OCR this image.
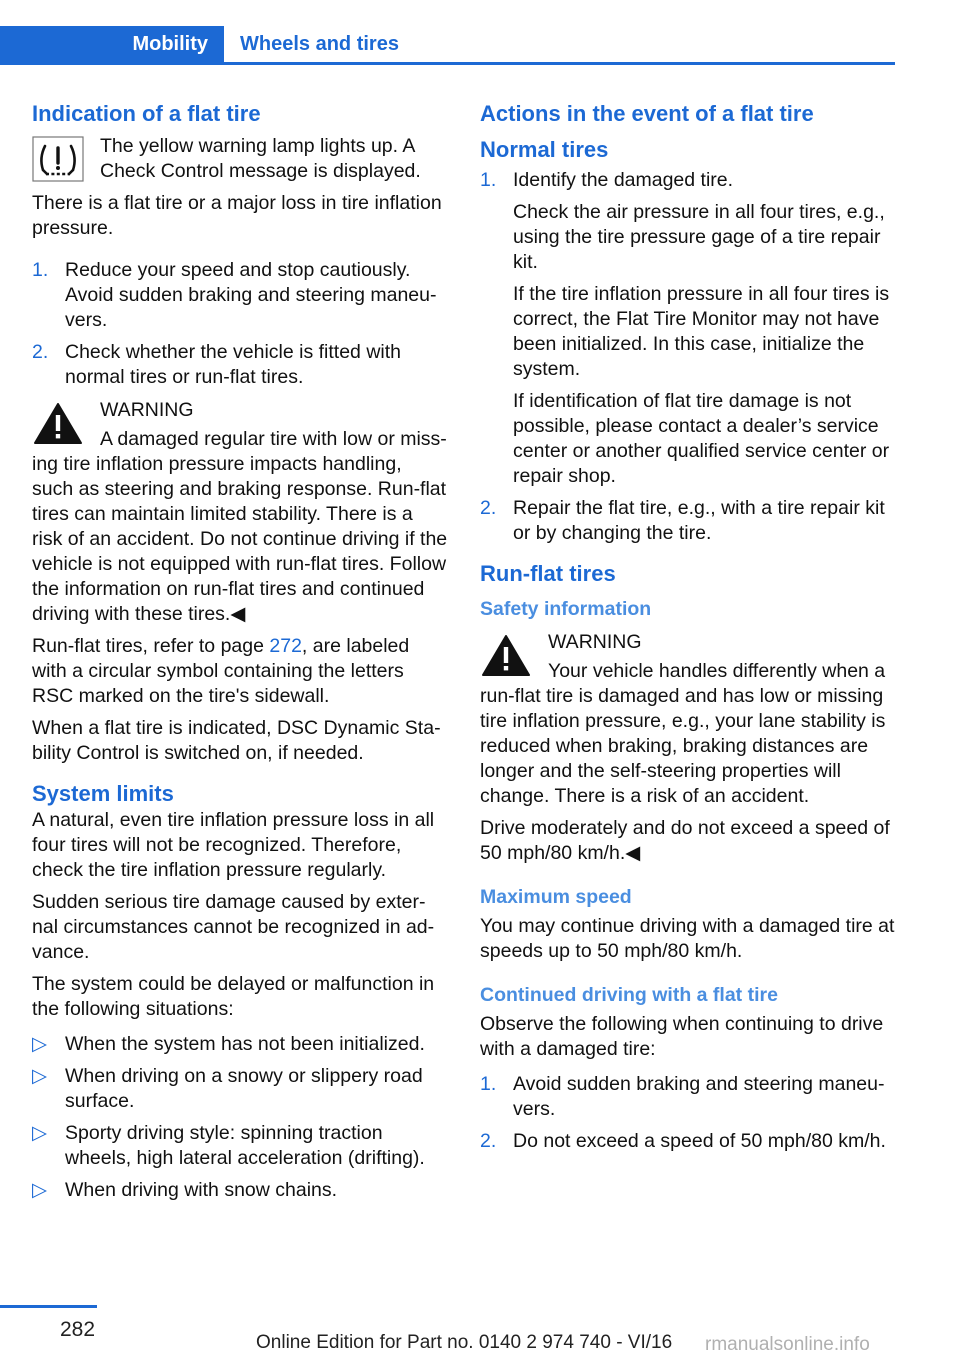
Mobility	Wheels and tires
Indication of a flat tire

The yellow warning lamp lights up. A Check Control message is displayed.

There is a flat tire or a major loss in tire inflation pressure.

1. Reduce your speed and stop cautiously. Avoid sudden braking and steering maneu-vers.
2. Check whether the vehicle is fitted with normal tires or run-flat tires.

WARNING

A damaged regular tire with low or miss-ing tire inflation pressure impacts handling, such as steering and braking response. Run-flat tires can maintain limited stability. There is a risk of an accident. Do not continue driving if the vehicle is not equipped with run-flat tires. Follow the information on run-flat tires and continued driving with these tires.◀

Run-flat tires, refer to page 272, are labeled with a circular symbol containing the letters RSC marked on the tire's sidewall.

When a flat tire is indicated, DSC Dynamic Sta-bility Control is switched on, if needed.

System limits

A natural, even tire inflation pressure loss in all four tires will not be recognized. Therefore, check the tire inflation pressure regularly.

Sudden serious tire damage caused by exter-nal circumstances cannot be recognized in ad-vance.

The system could be delayed or malfunction in the following situations:

▷ When the system has not been initialized.
▷ When driving on a snowy or slippery road surface.
▷ Sporty driving style: spinning traction wheels, high lateral acceleration (drifting).
▷ When driving with snow chains.
Actions in the event of a flat tire
Normal tires
1. Identify the damaged tire.
Check the air pressure in all four tires, e.g., using the tire pressure gage of a tire repair kit.
If the tire inflation pressure in all four tires is correct, the Flat Tire Monitor may not have been initialized. In this case, initialize the system.
If identification of flat tire damage is not possible, please contact a dealer’s service center or another qualified service center or repair shop.
2. Repair the flat tire, e.g., with a tire repair kit or by changing the tire.
Run-flat tires
Safety information

WARNING

Your vehicle handles differently when a run-flat tire is damaged and has low or missing tire inflation pressure, e.g., your lane stability is reduced when braking, braking distances are longer and the self-steering properties will change. There is a risk of an accident.

Drive moderately and do not exceed a speed of 50 mph/80 km/h.◀

Maximum speed

You may continue driving with a damaged tire at speeds up to 50 mph/80 km/h.

Continued driving with a flat tire

Observe the following when continuing to drive with a damaged tire:

1. Avoid sudden braking and steering maneu-vers.
2. Do not exceed a speed of 50 mph/80 km/h.
282
Online Edition for Part no. 0140 2 974 740 - VI/16 rmanualsonline.info
